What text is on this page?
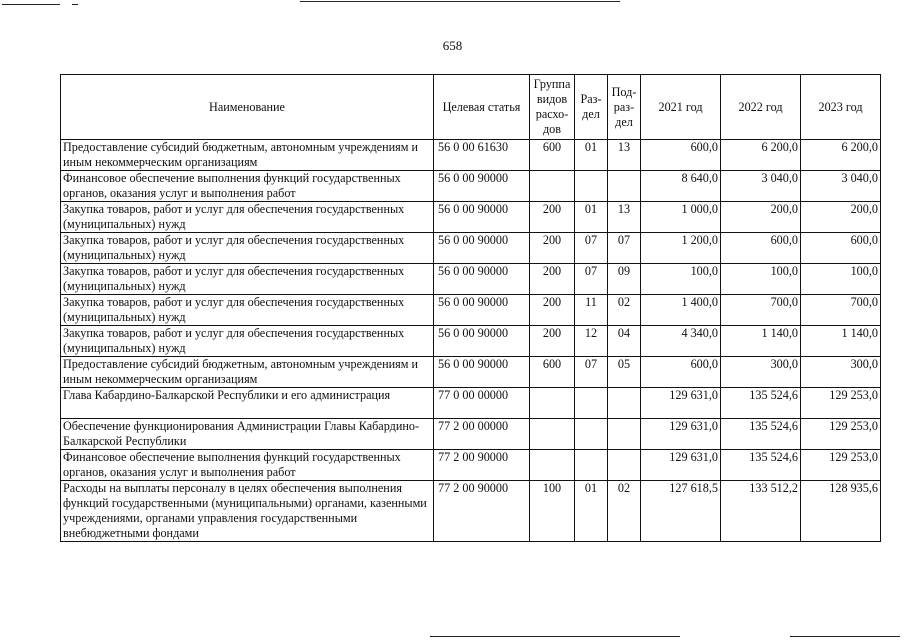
658
Наименование	Целевая статья	Группа видов расхо-дов	Раз-дел	Под-раз-дел	2021 год	2022 год	2023 год
Предоставление субсидий бюджетным, автономным учреждениям и иным некоммерческим организациям	56 0 00 61630	600	01	13	600,0	6 200,0	6 200,0
Финансовое обеспечение выполнения функций государственных органов, оказания услуг и выполнения работ	56 0 00 90000				8 640,0	3 040,0	3 040,0
Закупка товаров, работ и услуг для обеспечения государственных (муниципальных) нужд	56 0 00 90000	200	01	13	1 000,0	200,0	200,0
Закупка товаров, работ и услуг для обеспечения государственных (муниципальных) нужд	56 0 00 90000	200	07	07	1 200,0	600,0	600,0
Закупка товаров, работ и услуг для обеспечения государственных (муниципальных) нужд	56 0 00 90000	200	07	09	100,0	100,0	100,0
Закупка товаров, работ и услуг для обеспечения государственных (муниципальных) нужд	56 0 00 90000	200	11	02	1 400,0	700,0	700,0
Закупка товаров, работ и услуг для обеспечения государственных (муниципальных) нужд	56 0 00 90000	200	12	04	4 340,0	1 140,0	1 140,0
Предоставление субсидий бюджетным, автономным учреждениям и иным некоммерческим организациям	56 0 00 90000	600	07	05	600,0	300,0	300,0
Глава Кабардино-Балкарской Республики и его администрация	77 0 00 00000				129 631,0	135 524,6	129 253,0
Обеспечение функционирования Администрации Главы Кабардино-Балкарской Республики	77 2 00 00000				129 631,0	135 524,6	129 253,0
Финансовое обеспечение выполнения функций государственных органов, оказания услуг и выполнения работ	77 2 00 90000				129 631,0	135 524,6	129 253,0
Расходы на выплаты персоналу в целях обеспечения выполнения функций государственными (муниципальными) органами, казенными учреждениями, органами управления государственными внебюджетными фондами	77 2 00 90000	100	01	02	127 618,5	133 512,2	128 935,6
